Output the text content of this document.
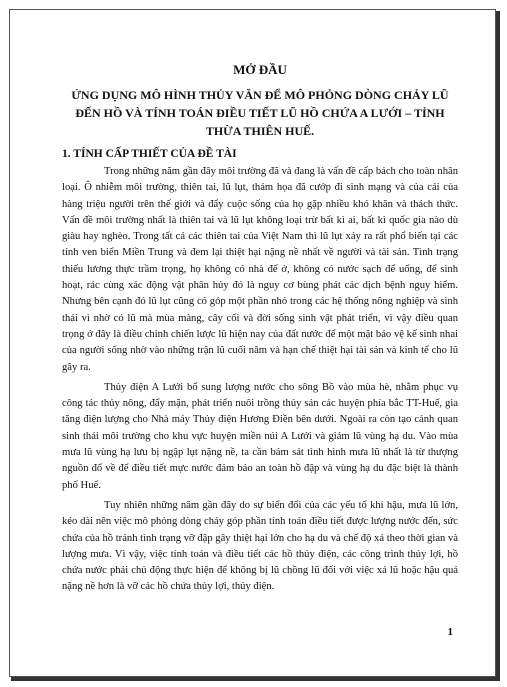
MỞ ĐẦU
ỨNG DỤNG MÔ HÌNH THỦY VĂN ĐỂ MÔ PHỎNG DÒNG CHẢY LŨ
ĐẾN HỒ VÀ TÍNH TOÁN ĐIỀU TIẾT LŨ HỒ CHỨA A LƯỚI – TỈNH
THỪA THIÊN HUẾ.
1. TÍNH CẤP THIẾT CỦA ĐỀ TÀI

Trong những năm gần đây môi trường đã và đang là vấn đề cấp bách cho toàn nhân loại. Ô nhiễm môi trường, thiên tai, lũ lụt, thảm họa đã cướp đi sinh mạng và của cải của hàng triệu người trên thế giới và đẩy cuộc sống của họ gặp nhiều khó khăn và thách thức. Vấn đề môi trường nhất là thiên tai và lũ lụt không loại trừ bất kì ai, bất kì quốc gia nào dù giàu hay nghèo. Trong tất cả các thiên tai của Việt Nam thì lũ lụt xảy ra rất phổ biến tại các tỉnh ven biển Miền Trung và đem lại thiệt hại nặng nề nhất về người và tài sản. Tình trạng thiếu lương thực trầm trọng, họ không có nhà để ở, không có nước sạch để uống, để sinh hoạt, rác cùng xác động vật phân hủy đó là nguy cơ bùng phát các dịch bệnh nguy hiểm. Nhưng bên cạnh đó lũ lụt cũng có góp một phần nhỏ trong các hệ thống nông nghiệp và sinh thái vì nhờ có lũ mà mùa màng, cây cối và đời sống sinh vật phát triển, vì vậy điều quan trọng ở đây là điều chỉnh chiến lược lũ hiện nay của đất nước để một mặt bảo vệ kế sinh nhai của người sống nhờ vào những trận lũ cuối năm và hạn chế thiệt hại tài sản và kinh tế cho lũ gây ra.

Thủy điện A Lưới bổ sung lượng nước cho sông Bồ vào mùa hè, nhằm phục vụ công tác thủy nông, đẩy mặn, phát triển nuôi trồng thủy sản các huyện phía bắc TT-Huế, gia tăng điện lượng cho Nhà máy Thủy điện Hương Điền bên dưới. Ngoài ra còn tạo cảnh quan sinh thái môi trường cho khu vực huyện miền núi A Lưới và giảm lũ vùng hạ du. Vào mùa mưa lũ vùng hạ lưu bị ngập lụt nặng nề, ta cần bám sát tình hình mưa lũ nhất là từ thượng nguồn đổ về để điều tiết mực nước đảm bảo an toàn hồ đập và vùng hạ du đặc biệt là thành phố Huế.

Tuy nhiên những năm gần đây do sự biến đổi của các yếu tố khí hậu, mưa lũ lớn, kéo dài nên việc mô phỏng dòng chảy góp phần tính toán điều tiết được lượng nước đến, sức chứa của hồ tránh tình trạng vỡ đập gây thiệt hại lớn cho hạ du và chế độ xả theo thời gian và lượng mưa. Vì vậy, việc tính toán và điều tiết các hồ thủy điện, các công trình thủy lợi, hồ chứa nước phải chủ động thực hiện để không bị lũ chồng lũ đối với việc xả lũ hoặc hậu quả nặng nề hơn là vỡ các hồ chứa thủy lợi, thủy điện.

1
